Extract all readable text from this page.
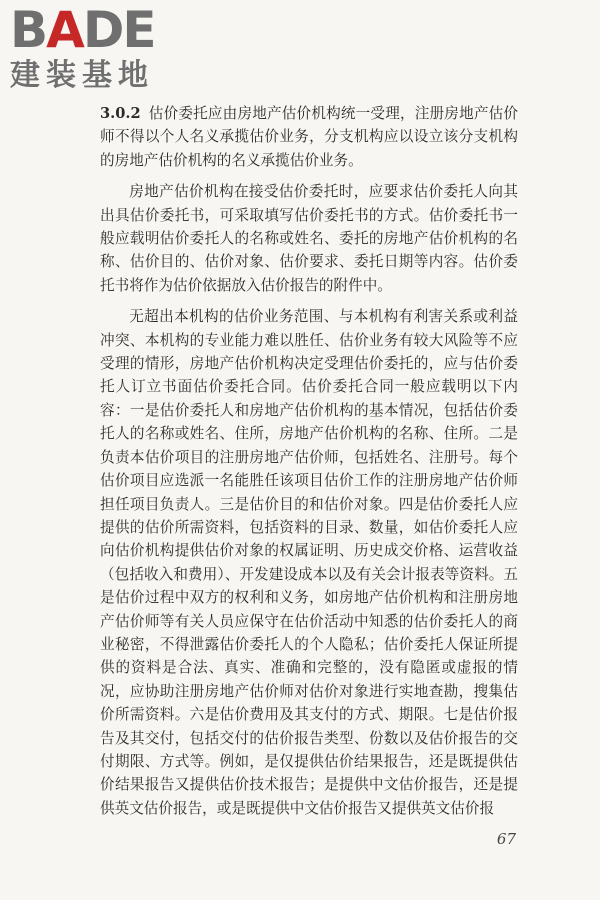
BADE
建装基地

3.0.2 估价委托应由房地产估价机构统一受理，注册房地产估价师不得以个人名义承揽估价业务，分支机构应以设立该分支机构的房地产估价机构的名义承揽估价业务。

房地产估价机构在接受估价委托时，应要求估价委托人向其出具估价委托书，可采取填写估价委托书的方式。估价委托书一般应载明估价委托人的名称或姓名、委托的房地产估价机构的名称、估价目的、估价对象、估价要求、委托日期等内容。估价委托书将作为估价依据放入估价报告的附件中。

无超出本机构的估价业务范围、与本机构有利害关系或利益冲突、本机构的专业能力难以胜任、估价业务有较大风险等不应受理的情形，房地产估价机构决定受理估价委托的，应与估价委托人订立书面估价委托合同。估价委托合同一般应载明以下内容：一是估价委托人和房地产估价机构的基本情况，包括估价委托人的名称或姓名、住所，房地产估价机构的名称、住所。二是负责本估价项目的注册房地产估价师，包括姓名、注册号。每个估价项目应选派一名能胜任该项目估价工作的注册房地产估价师担任项目负责人。三是估价目的和估价对象。四是估价委托人应提供的估价所需资料，包括资料的目录、数量，如估价委托人应向估价机构提供估价对象的权属证明、历史成交价格、运营收益（包括收入和费用）、开发建设成本以及有关会计报表等资料。五是估价过程中双方的权利和义务，如房地产估价机构和注册房地产估价师等有关人员应保守在估价活动中知悉的估价委托人的商业秘密，不得泄露估价委托人的个人隐私；估价委托人保证所提供的资料是合法、真实、准确和完整的，没有隐匿或虚报的情况，应协助注册房地产估价师对估价对象进行实地查勘，搜集估价所需资料。六是估价费用及其支付的方式、期限。七是估价报告及其交付，包括交付的估价报告类型、份数以及估价报告的交付期限、方式等。例如，是仅提供估价结果报告，还是既提供估价结果报告又提供估价技术报告；是提供中文估价报告，还是提供英文估价报告，或是既提供中文估价报告又提供英文估价报

67
